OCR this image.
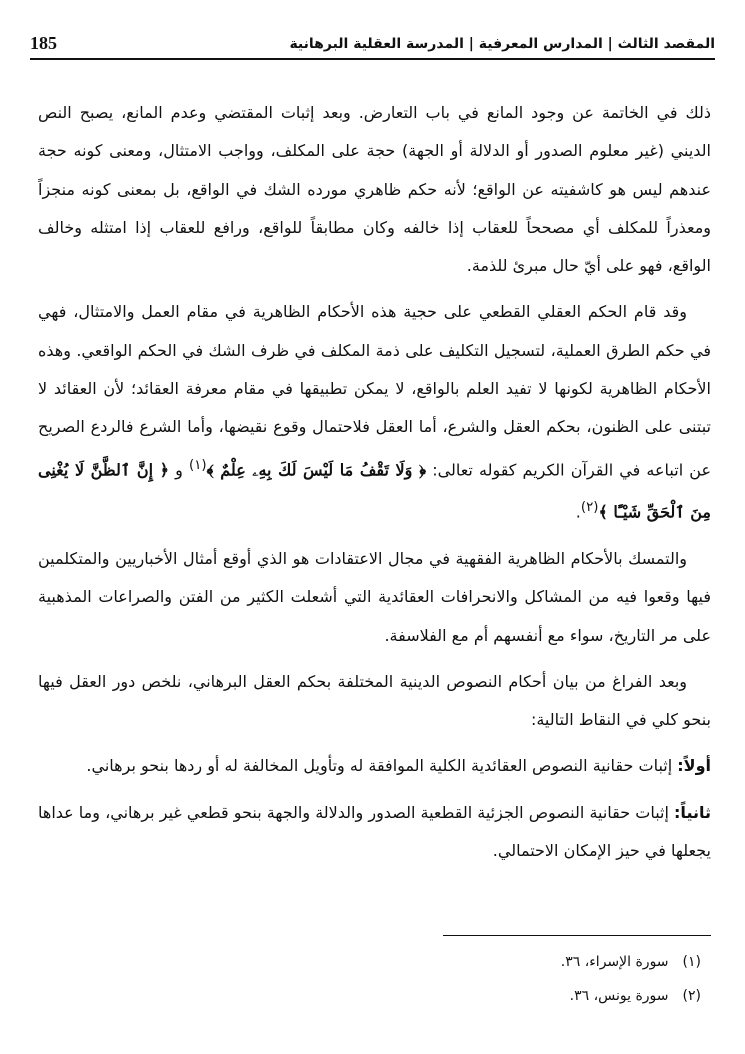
185	المقصد الثالث | المدارس المعرفية | المدرسة العقلية البرهانية

ذلك في الخاتمة عن وجود المانع في باب التعارض. وبعد إثبات المقتضي وعدم المانع، يصبح النص الديني (غير معلوم الصدور أو الدلالة أو الجهة) حجة على المكلف، وواجب الامتثال، ومعنى كونه حجة عندهم ليس هو كاشفيته عن الواقع؛ لأنه حكم ظاهري مورده الشك في الواقع، بل بمعنى كونه منجزاً ومعذراً للمكلف أي مصححاً للعقاب إذا خالفه وكان مطابقاً للواقع، ورافع للعقاب إذا امتثله وخالف الواقع، فهو على أيّ حال مبرئ للذمة.

وقد قام الحكم العقلي القطعي على حجية هذه الأحكام الظاهرية في مقام العمل والامتثال، فهي في حكم الطرق العملية، لتسجيل التكليف على ذمة المكلف في ظرف الشك في الحكم الواقعي. وهذه الأحكام الظاهرية لكونها لا تفيد العلم بالواقع، لا يمكن تطبيقها في مقام معرفة العقائد؛ لأن العقائد لا تبتنى على الظنون، بحكم العقل والشرع، أما العقل فلاحتمال وقوع نقيضها، وأما الشرع فالردع الصريح عن اتباعه في القرآن الكريم كقوله تعالى: ﴿ وَلَا تَقْفُ مَا لَيْسَ لَكَ بِهِۦ عِلْمٌ ﴾$^{(١)}$ و ﴿ إِنَّ ٱلظَّنَّ لَا يُغْنِى مِنَ ٱلْحَقِّ شَيْـًٔا ﴾$^{(٢)}$.

والتمسك بالأحكام الظاهرية الفقهية في مجال الاعتقادات هو الذي أوقع أمثال الأخباريين والمتكلمين فيها وقعوا فيه من المشاكل والانحرافات العقائدية التي أشعلت الكثير من الفتن والصراعات المذهبية على مر التاريخ، سواء مع أنفسهم أم مع الفلاسفة.

وبعد الفراغ من بيان أحكام النصوص الدينية المختلفة بحكم العقل البرهاني، نلخص دور العقل فيها بنحو كلي في النقاط التالية:

أولاً: إثبات حقانية النصوص العقائدية الكلية الموافقة له وتأويل المخالفة له أو ردها بنحو برهاني.

ثانياً: إثبات حقانية النصوص الجزئية القطعية الصدور والدلالة والجهة بنحو قطعي غير برهاني، وما عداها يجعلها في حيز الإمكان الاحتمالي.

(١)سورة الإسراء، ٣٦.
(٢)سورة يونس، ٣٦.
